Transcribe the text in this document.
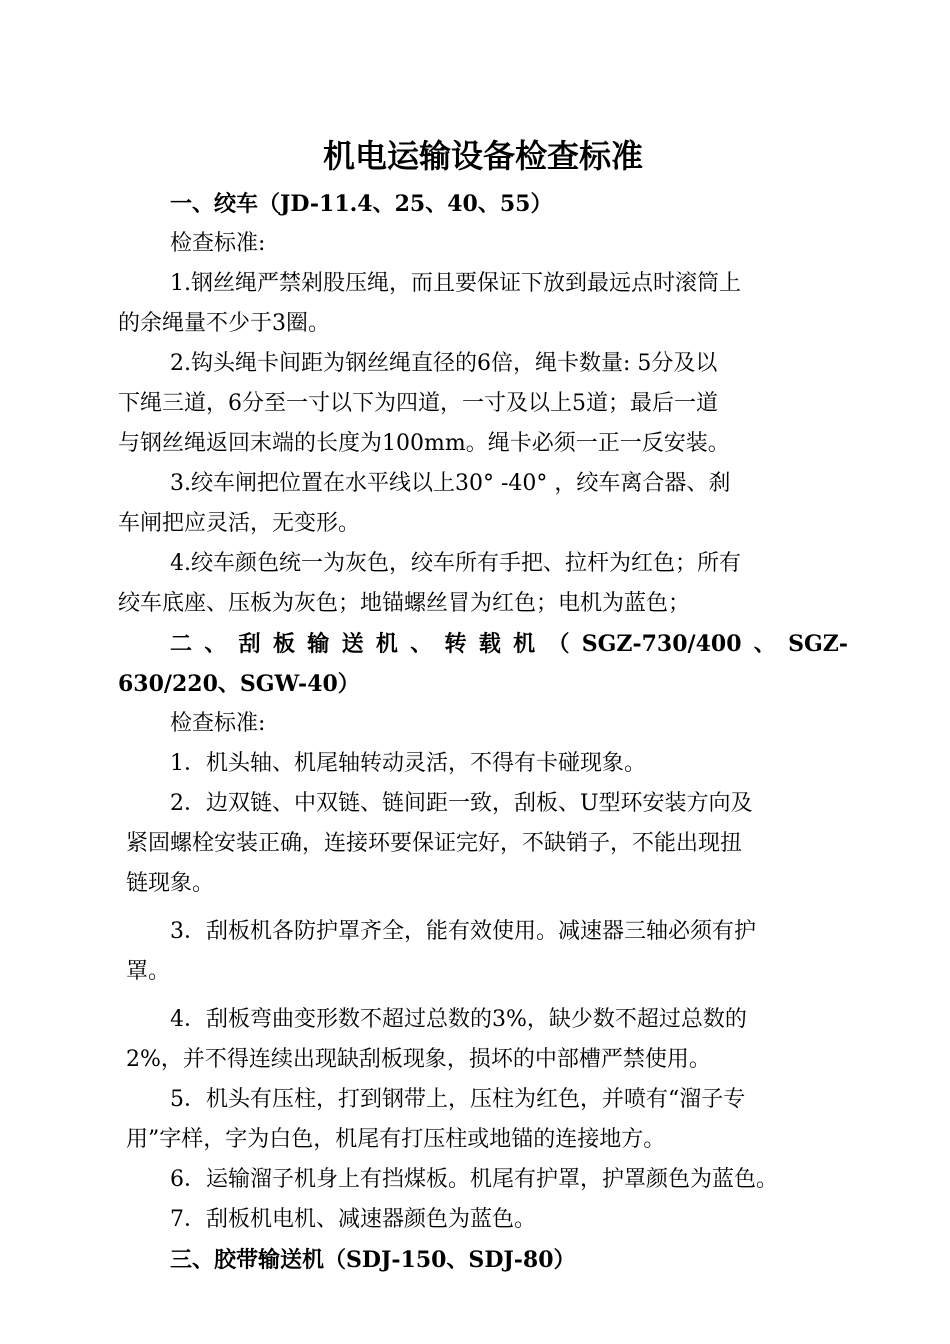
机电运输设备检查标准
一、绞车（JD-11.4、25、40、55）
检查标准:
1.钢丝绳严禁剁股压绳，而且要保证下放到最远点时滚筒上
的余绳量不少于3圈。
2.钩头绳卡间距为钢丝绳直径的6倍，绳卡数量: 5分及以
下绳三道，6分至一寸以下为四道，一寸及以上5道；最后一道
与钢丝绳返回末端的长度为100mm。绳卡必须一正一反安装。
3.绞车闸把位置在水平线以上30° -40° ，绞车离合器、刹
车闸把应灵活，无变形。
4.绞车颜色统一为灰色，绞车所有手把、拉杆为红色；所有
绞车底座、压板为灰色；地锚螺丝冒为红色；电机为蓝色；
二 、 刮 板 输 送 机 、 转 载 机 （ SGZ-730/400 、 SGZ-
630/220、SGW-40）
检查标准:
1．机头轴、机尾轴转动灵活，不得有卡碰现象。
2．边双链、中双链、链间距一致，刮板、U型环安装方向及
紧固螺栓安装正确，连接环要保证完好，不缺销子，不能出现扭
链现象。
3．刮板机各防护罩齐全，能有效使用。减速器三轴必须有护
罩。
4．刮板弯曲变形数不超过总数的3%，缺少数不超过总数的
2%，并不得连续出现缺刮板现象，损坏的中部槽严禁使用。
5．机头有压柱，打到钢带上，压柱为红色，并喷有“溜子专
用”字样，字为白色，机尾有打压柱或地锚的连接地方。
6．运输溜子机身上有挡煤板。机尾有护罩，护罩颜色为蓝色。
7．刮板机电机、减速器颜色为蓝色。
三、胶带输送机（SDJ-150、SDJ-80）
